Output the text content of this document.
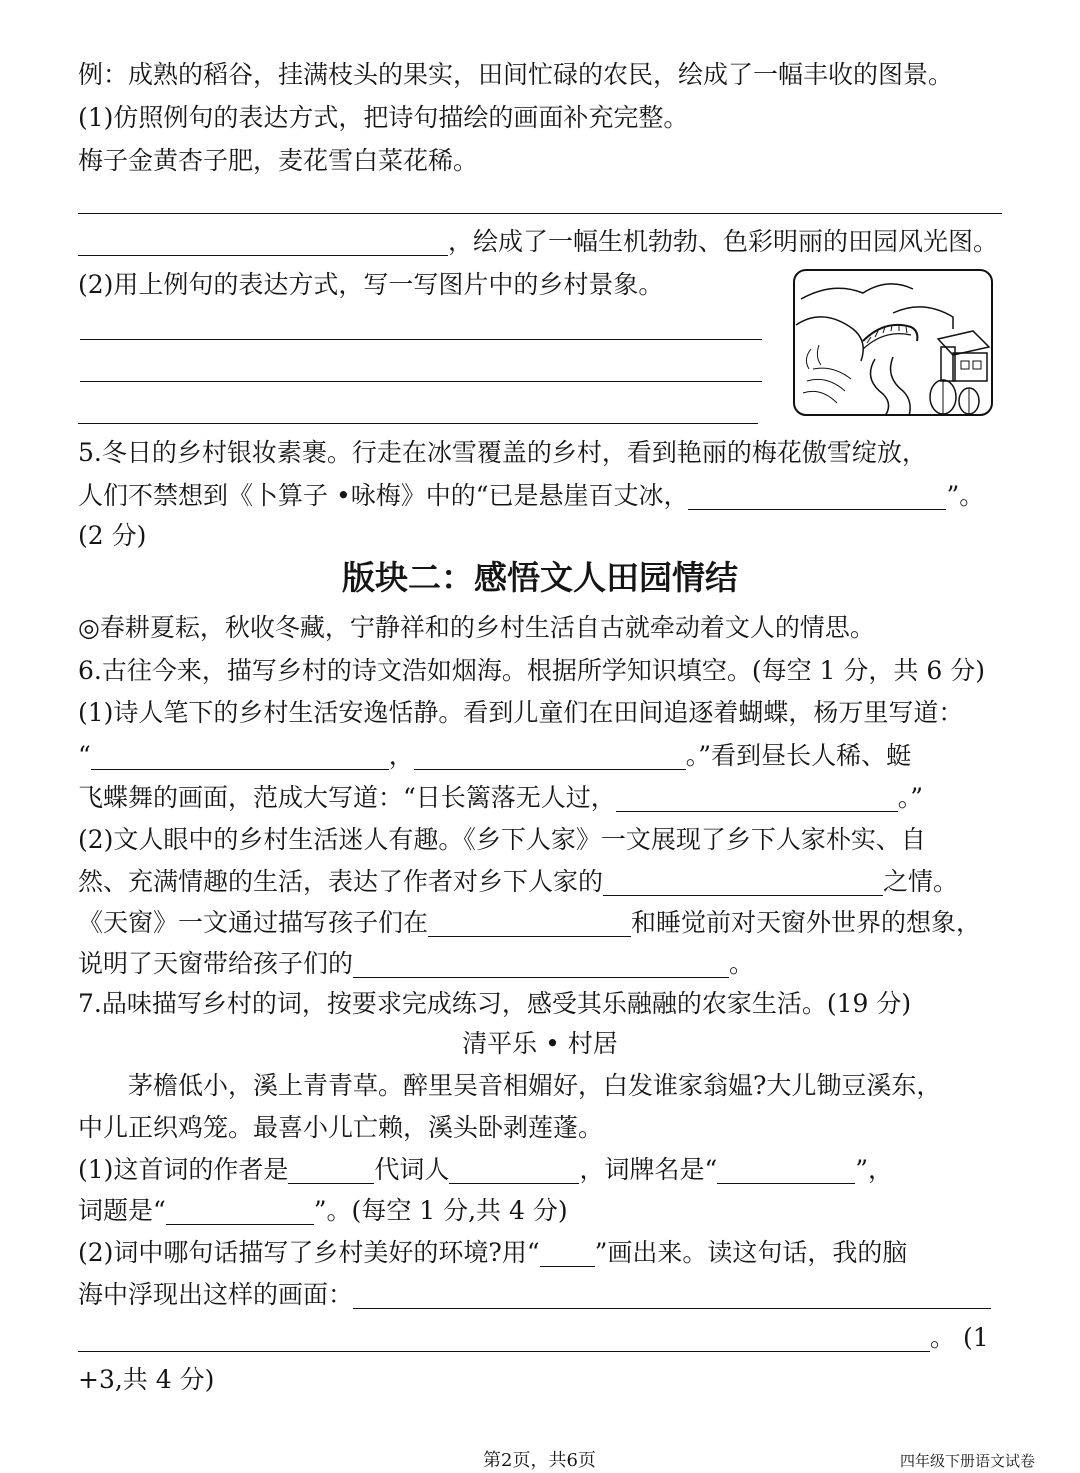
例：成熟的稻谷，挂满枝头的果实，田间忙碌的农民，绘成了一幅丰收的图景。
(1)仿照例句的表达方式，把诗句描绘的画面补充完整。
梅子金黄杏子肥，麦花雪白菜花稀。
，绘成了一幅生机勃勃、色彩明丽的田园风光图。
(2)用上例句的表达方式，写一写图片中的乡村景象。
5.冬日的乡村银妆素裹。行走在冰雪覆盖的乡村，看到艳丽的梅花傲雪绽放，
人们不禁想到《卜算子 •咏梅》中的“已是悬崖百丈冰，	”。
(2 分)
版块二：感悟文人田园情结
◎春耕夏耘，秋收冬藏，宁静祥和的乡村生活自古就牵动着文人的情思。
6.古往今来，描写乡村的诗文浩如烟海。根据所学知识填空。(每空 1 分，共 6 分)
(1)诗人笔下的乡村生活安逸恬静。看到儿童们在田间追逐着蝴蝶，杨万里写道：
“	，	。”看到昼长人稀、蜓
飞蝶舞的画面，范成大写道：“日长篱落无人过，	。”
(2)文人眼中的乡村生活迷人有趣。《乡下人家》一文展现了乡下人家朴实、自
然、充满情趣的生活，表达了作者对乡下人家的	之情。
《天窗》一文通过描写孩子们在	和睡觉前对天窗外世界的想象，
说明了天窗带给孩子们的	。
7.品味描写乡村的词，按要求完成练习，感受其乐融融的农家生活。(19 分)
清平乐 • 村居
茅檐低小，溪上青青草。醉里吴音相媚好，白发谁家翁媪?大儿锄豆溪东，
中儿正织鸡笼。最喜小儿亡赖，溪头卧剥莲蓬。
(1)这首词的作者是	代词人	，词牌名是“	”，
词题是“	”。(每空 1 分,共 4 分)
(2)词中哪句话描写了乡村美好的环境?用“ ”画出来。读这句话，我的脑
海中浮现出这样的画面：
。 (1
+3,共 4 分)
第2页，共6页	四年级下册语文试卷
